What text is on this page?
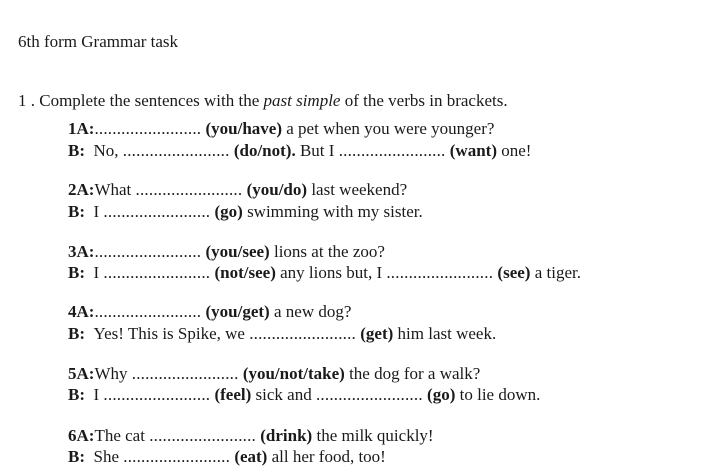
6th form Grammar task
1 . Complete the sentences with the past simple of the verbs in brackets.
1A:........................ (you/have) a pet when you were younger?
B: No, ........................ (do/not). But I ........................ (want) one!
2A:What ........................ (you/do) last weekend?
B: I ........................ (go) swimming with my sister.
3A:........................ (you/see) lions at the zoo?
B: I ........................ (not/see) any lions but, I ........................ (see) a tiger.
4A:........................ (you/get) a new dog?
B: Yes! This is Spike, we ........................ (get) him last week.
5A:Why ........................ (you/not/take) the dog for a walk?
B: I ........................ (feel) sick and ........................ (go) to lie down.
6A:The cat ........................ (drink) the milk quickly!
B: She ........................ (eat) all her food, too!
